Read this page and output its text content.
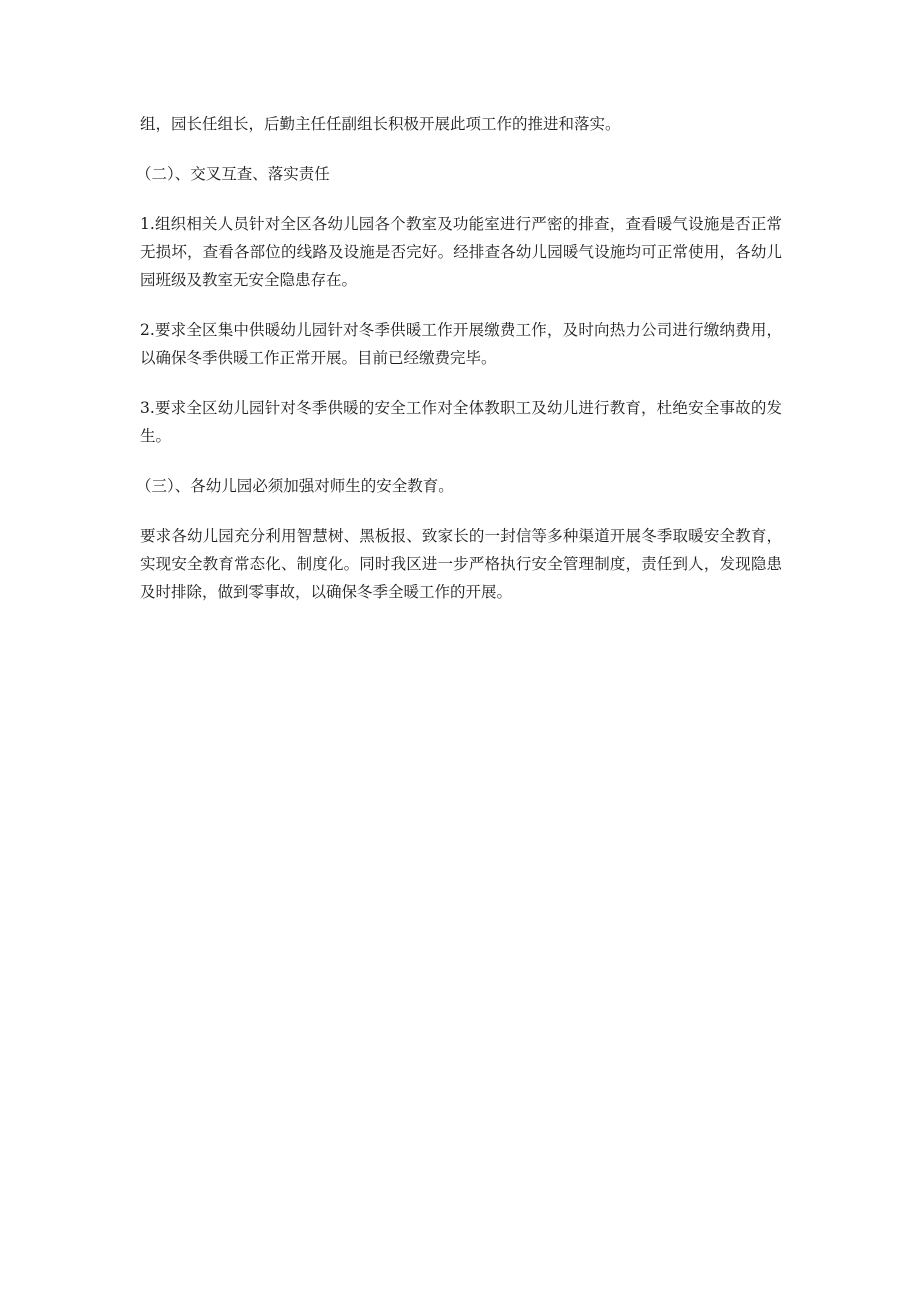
组，园长任组长，后勤主任任副组长积极开展此项工作的推进和落实。

（二）、交叉互查、落实责任

1.组织相关人员针对全区各幼儿园各个教室及功能室进行严密的排查，查看暖气设施是否正常无损坏，查看各部位的线路及设施是否完好。经排查各幼儿园暖气设施均可正常使用，各幼儿园班级及教室无安全隐患存在。

2.要求全区集中供暖幼儿园针对冬季供暖工作开展缴费工作，及时向热力公司进行缴纳费用，以确保冬季供暖工作正常开展。目前已经缴费完毕。

3.要求全区幼儿园针对冬季供暖的安全工作对全体教职工及幼儿进行教育，杜绝安全事故的发生。

（三）、各幼儿园必须加强对师生的安全教育。

要求各幼儿园充分利用智慧树、黑板报、致家长的一封信等多种渠道开展冬季取暖安全教育，实现安全教育常态化、制度化。同时我区进一步严格执行安全管理制度，责任到人，发现隐患及时排除，做到零事故，以确保冬季全暖工作的开展。
